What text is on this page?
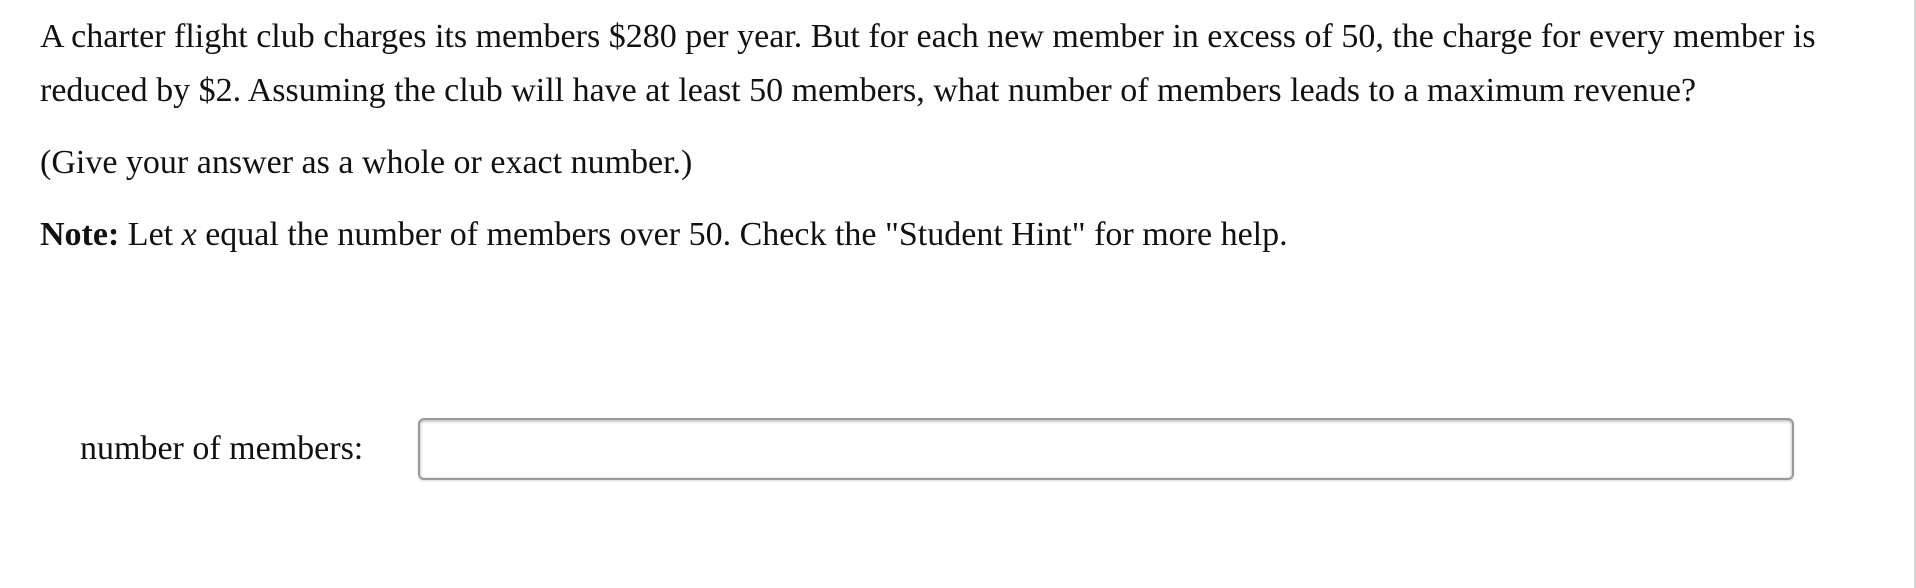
A charter flight club charges its members $280 per year. But for each new member in excess of 50, the charge for every member is reduced by $2. Assuming the club will have at least 50 members, what number of members leads to a maximum revenue?

(Give your answer as a whole or exact number.)

Note: Let x equal the number of members over 50. Check the "Student Hint" for more help.

number of members:
